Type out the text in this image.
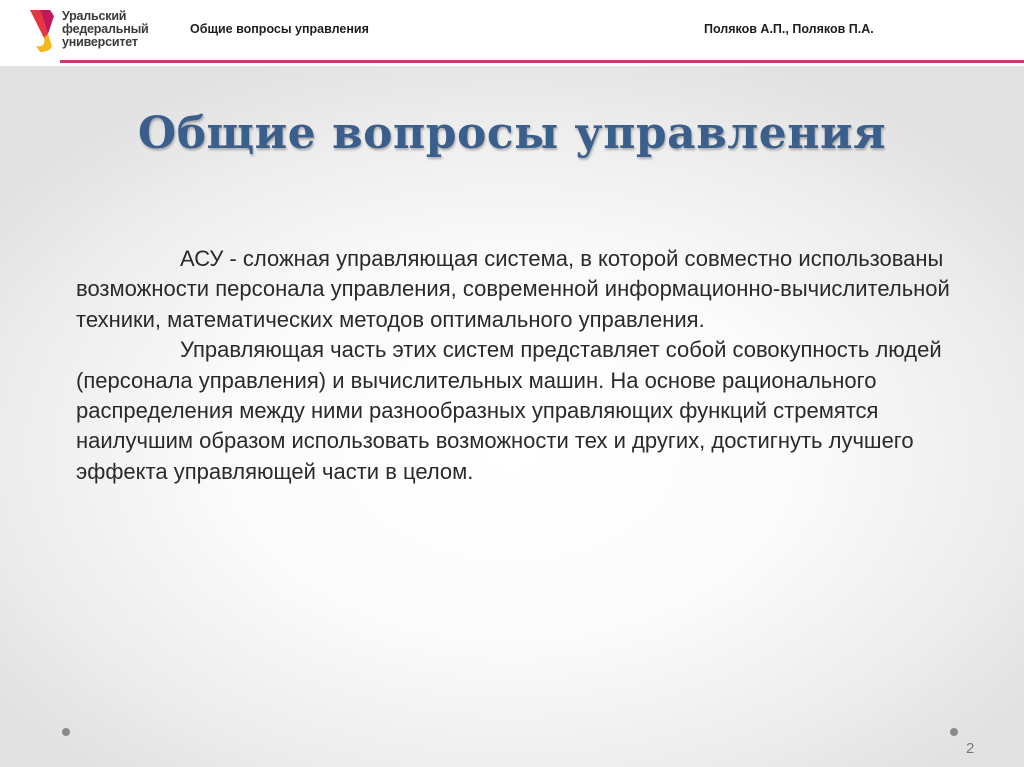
Уральский
федеральный
университет
Общие вопросы управления	Поляков А.П., Поляков П.А.
Общие вопросы управления

АСУ - сложная управляющая система, в которой совместно использованы возможности персонала управления, современной информационно-вычислительной техники, математических методов оптимального управления.

Управляющая часть этих систем представляет собой совокупность людей (персонала управления) и вычислительных машин. На основе рационального распределения между ними разнообразных управляющих функций стремятся наилучшим образом использовать возможности тех и других, достигнуть лучшего эффекта управляющей части в целом.

2
